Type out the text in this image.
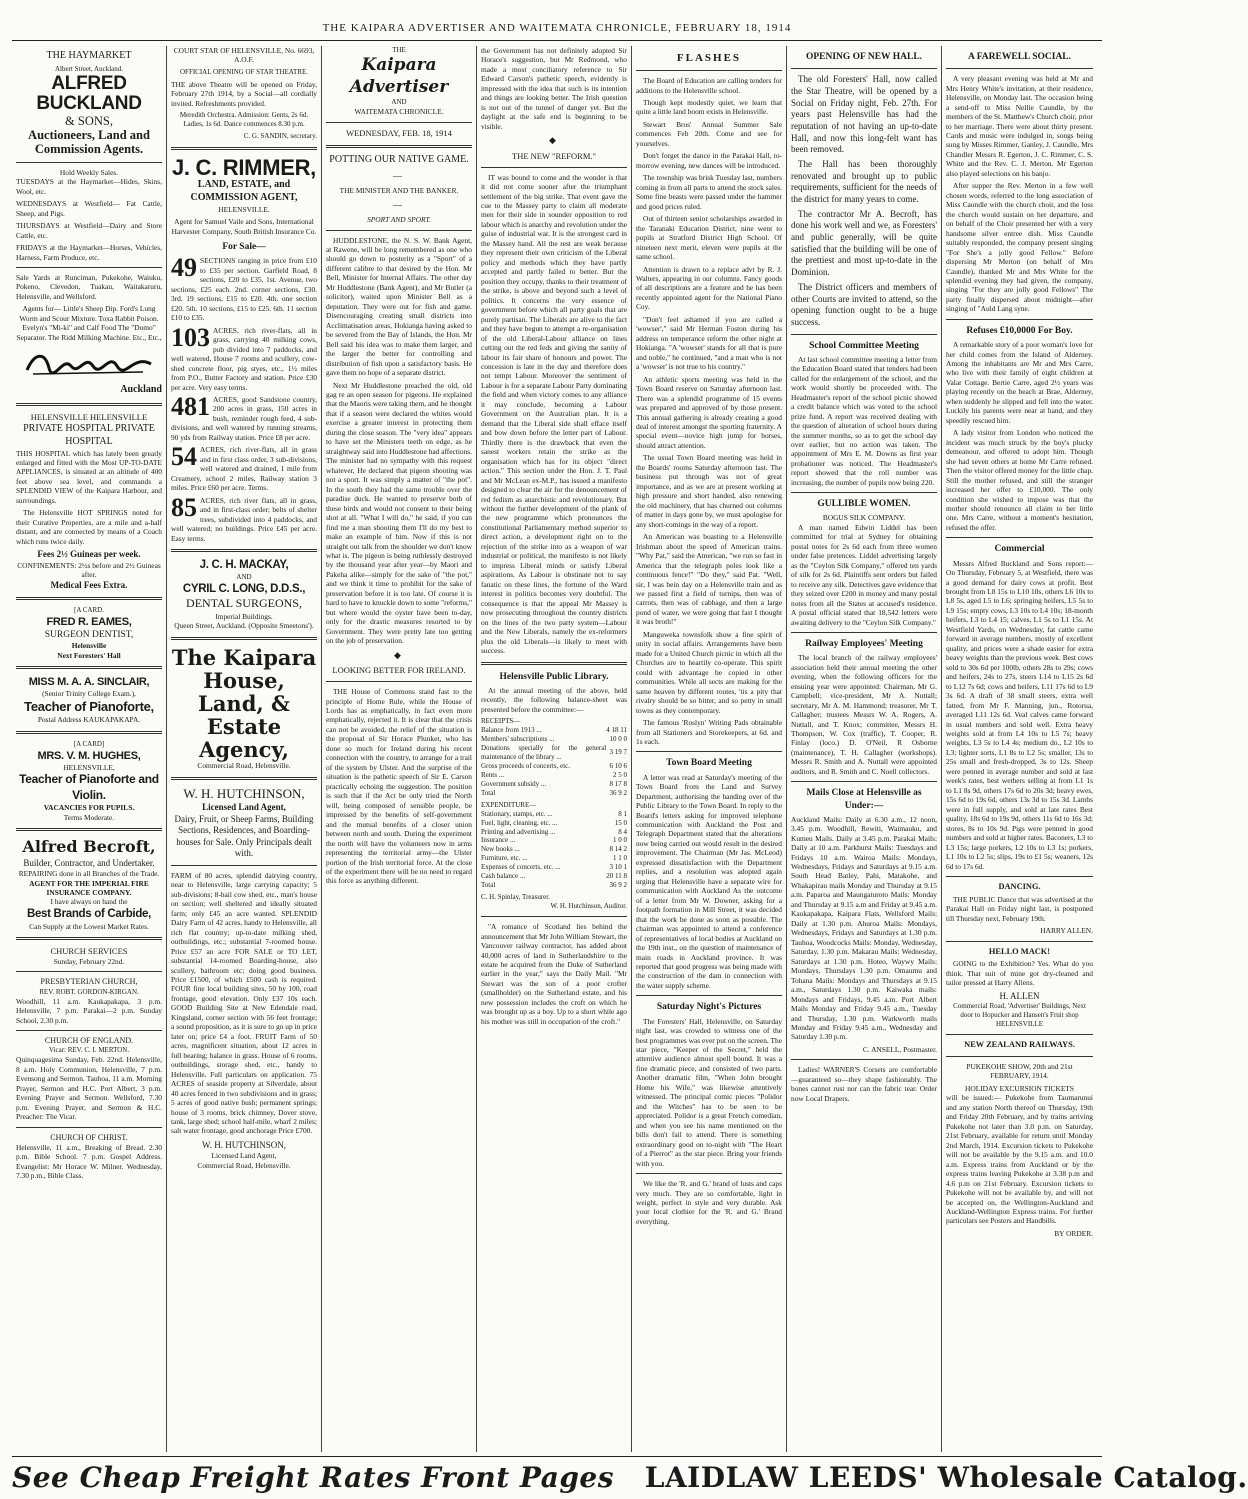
THE KAIPARA ADVERTISER AND WAITEMATA CHRONICLE, FEBRUARY 18, 1914
THE HAYMARKET
Albert Street, Auckland.
ALFRED BUCKLAND
& SONS,
Auctioneers, Land and Commission Agents.
Hold Weekly Sales.

TUESDAYS at the Haymarket—Hides, Skins, Wool, etc.

WEDNESDAYS at Westfield— Fat Cattle, Sheep, and Pigs.

THURSDAYS at Westfield—Dairy and Store Cattle, etc.

FRIDAYS at the Haymarket—Horses, Vehicles, Harness, Farm Produce, etc.

Sale Yards at Runciman, Pukekohe, Waiuku, Pokeno, Clevedon, Tuakau, Waitakaruru, Helensville, and Wellsford.

Agents for— Little's Sheep Dip. Ford's Lung Worm and Scour Mixture. Toxa Rabbit Poison. Evelyn's "Mi-ki" and Calf Food The "Domo" Separator. The Ridd Milking Machine. Etc., Etc.,

Auckland
HELENSVILLE HELENSVILLE
PRIVATE HOSPITAL PRIVATE HOSPITAL

THIS HOSPITAL which has lately been greatly enlarged and fitted with the Most UP-TO-DATE APPLIANCES, is situated at an altitude of 400 feet above sea level, and commands a SPLENDID VIEW of the Kaipara Harbour, and surroundings.

The Helensville HOT SPRINGS noted for their Curative Properties, are a mile and a-half distant, and are connected by means of a Coach which runs twice daily.

Fees 2½ Guineas per week.
CONFINEMENTS: 2½s before and 2½ Guineas after.
Medical Fees Extra.
[A CARD.
FRED R. EAMES,
SURGEON DENTIST,
Helensville
Next Foresters' Hall
MISS M. A. A. SINCLAIR,
(Senior Trinity College Exam.),
Teacher of Pianoforte,
Postal Address KAUKAPAKAPA.
[A CARD]
MRS. V. M. HUGHES,
HELENSVILLE,
Teacher of Pianoforte and Violin.
VACANCIES FOR PUPILS.
Terms Moderate.
Alfred Becroft,
Builder, Contractor, and Undertaker.
REPAIRING done in all Branches of the Trade.
AGENT FOR THE IMPERIAL FIRE INSURANCE COMPANY.
I have always on hand the
Best Brands of Carbide,
Can Supply at the Lowest Market Rates.
CHURCH SERVICES
Sunday, February 22nd.
PRESBYTERIAN CHURCH,
REV. ROBT. GORDON-KIRGAN.

Woodhill, 11 a.m. Kaukapakapa, 3 p.m. Helensville, 7 p.m. Parakai—2 p.m. Sunday School, 2.30 p.m.

CHURCH OF ENGLAND.
Vicar: REV. C. I. MERTON.

Quinquagesima Sunday, Feb. 22nd. Helensville, 8 a.m. Holy Communion, Helensville, 7 p.m. Evensong and Sermon. Tauhoa, 11 a.m. Morning Prayer, Sermon and H.C. Port Albert, 3 p.m. Evening Prayer and Sermon. Wellsford, 7.30 p.m. Evening Prayer, and Sermon & H.C. Preacher: The Vicar.

CHURCH OF CHRIST.

Helensville, 11 a.m., Breaking of Bread. 2.30 p.m. Bible School. 7 p.m. Gospel Address. Evangelist: Mr Horace W. Milner. Wednesday, 7.30 p.m., Bible Class.

COURT STAR OF HELENSVILLE, No. 6693, A.O.F.
OFFICIAL OPENING OF STAR THEATRE.

THE above Theatre will be opened on Friday, February 27th 1914, by a Social—all cordially invited. Refreshments provided.

Meredith Orchestra. Admission: Gents, 2s 6d. Ladies, 1s 6d. Dance commences 8.30 p.m.

C. G. SANDIN, secretary.
J. C. RIMMER,
LAND, ESTATE, and COMMISSION AGENT,
HELENSVILLE.

Agent for Samuel Vaile and Sons, International Harvester Company, South British Insurance Co.

For Sale—
49 SECTIONS ranging in price from £10 to £35 per section. Garfield Road, 8 sections, £20 to £35. 1st. Avenue, two sections, £25 each. 2nd. corner sections, £30. 3rd. 19 sections, £15 to £20. 4th. one section £20. 5th. 10 sections, £15 to £25. 6th. 11 section £10 to £35.
103 ACRES, rich river-flats, all in grass, carrying 40 milking cows, pub divided into 7 paddocks, and well watered, House 7 rooms and scullery, cow-shed concrete floor, pig styes, etc., 1½ miles from P.O., Butter Factory and station. Price £30 per acre. Very easy terms.
481 ACRES, good Sandstone country, 200 acres in grass, 150 acres in bush, reminder rough feed, 4 sub-divisions, and well watered by running streams, 90 yds from Railway station. Price £8 per acre.
54 ACRES, rich river-flats, all in grass and in first class order, 3 sub-divisions, well watered and drained, 1 mile from Creamery, school 2 miles, Railway station 3 miles. Price £60 per acre. Terms.
85 ACRES, rich river flats, all in grass, and in first-class order; belts of shelter trees, subdivided into 4 paddocks, and well watered; no buildings. Price £45 per acre. Easy terms.
J. C. H. MACKAY,
AND
CYRIL C. LONG, D.D.S.,
DENTAL SURGEONS,
Imperial Buildings.
Queen Street, Auckland. (Opposite Smeetons').
The Kaipara House, Land, & Estate Agency,
Commercial Road, Helensville.
W. H. HUTCHINSON,
Licensed Land Agent,
Dairy, Fruit, or Sheep Farms, Building Sections, Residences, and Boarding-houses for Sale. Only Principals dealt with.

FARM of 80 acres, splendid dairying country, near to Helensville, large carrying capacity; 5 sub-divisions; 8-bail cow shed, etc., man's house on section; well sheltered and ideally situated farm; only £45 an acre wanted. SPLENDID Dairy Farm of 42 acres, handy to Helensville, all rich flat country; up-to-date milking shed, outbuildings, etc.; substantial 7-roomed house. Price £57 an acre FOR SALE or TO LET, substantial 14-roomed Boarding-house, also scullery, bathroom etc; doing good business. Price £1500, of which £500 cash is required. FOUR fine local building sites, 50 by 100, road frontage, good elevation. Only £37 10s each. GOOD Building Site at New Edendale road, Kingsland, corner section with 56 feet frontage; a sound proposition, as it is sure to go up in price later on; price £4 a foot. FRUIT Farm of 50 acres, magnificent situation, about 12 acres in full bearing; balance in grass. House of 6 rooms, outbuildings, storage shed, etc., handy to Helensville. Full particulars on application. 75 ACRES of seaside property at Silverdale, about 40 acres fenced in two subdivisions and in grass; 5 acres of good native bush; permanent springs; house of 3 rooms, brick chimney, Dover stove, tank, large shed; school half-mile, wharf 2 miles; salt water frontage, good anchorage Price £700.

W. H. HUTCHINSON,
Licensed Land Agent,
Commercial Road, Helensville.
THE
Kaipara Advertiser
AND
WAITEMATA CHRONICLE.
WEDNESDAY, FEB. 18, 1914
POTTING OUR NATIVE GAME.
—
THE MINISTER AND THE BANKER.
—
SPORT AND SPORT.

HUDDLESTONE, the N. S. W. Bank Agent, at Rawene, will be long remembered as one who should go down to posterity as a "Sport" of a different calibre to that desired by the Hon. Mr Bell, Minister for Internal Affairs. The other day Mr Huddlestone (Bank Agent), and Mr Butler (a solicitor), waited upon Minister Bell as a deputation. They were out for fish and game. Disencouraging creating small districts into Acclimatisation areas, Hokianga having asked to be severed from the Bay of Islands, the Hon. Mr Bell said his idea was to make them larger, and the larger the better for controlling and distribution of fish upon a satisfactory basis. He gave them no hope of a separate district.

Next Mr Huddlestone preached the old, old gag re an open season for pigeons. He explained that the Maoris were taking them, and he thought that if a season were declared the whites would exercise a greater interest in protecting them during the close season. The "very idea" appears to have set the Ministers teeth on edge, as he straightway said into Huddlestone bad affections. The minister had no sympathy with this request whatever, He declared that pigeon shooting was not a sport. It was simply a matter of "the pot". In the south they had the same trouble over the paradise duck. He wanted to preserve both of these birds and would not consent to their being shot at all. "What I will do," he said, if you can find me a man shooting them I'll do my best to make an example of him. Now if this is not straight out talk from the shoulder we don't know what is. The pigeon is being ruthlessly destroyed by the thousand year after year—by Maori and Pakeha alike—simply for the sake of "the pot," and we think it time to prohibit for the sake of preservation before it is too late. Of course it is hard to have to knuckle down to some "reforms," but where would the oyster have been to-day, only for the drastic measures resorted to by Government. They were pretty late too getting on the job of preservation.

◆
LOOKING BETTER FOR IRELAND.

THE House of Commons stand fast to the principle of Home Rule, while the House of Lords has as emphatically, in fact even more emphatically, rejected it. It is clear that the crisis can not be avoided, the relief of the situation is the proposal of Sir Horace Plunket, who has done so much for Ireland during his recent connection with the country, to arrange for a trail of the system by Ulster. And the surprise of the situation is the pathetic speech of Sir E. Carson practically echoing the suggestion. The position is such that if the Act be only tried the North will, being composed of sensible people, be impressed by the benefits of self-government and the mutual benefits of a closer union between north and south. During the experiment the north will have the volunteers now in arms representing the territorial army—the Ulster portion of the Irish territorial force. At the close of the experiment there will be no need to regard this force as anything different.

the Government has not definitely adopted Sir Horace's suggestion, but Mr Redmond, who made a most conciliatory reference to Sir Edward Carson's pathetic speech, evidently is impressed with the idea that such is its intention and things are looking better. The Irish question is not out of the tunnel of danger yet. But the daylight at the safe end is beginning to be visible.

◆
THE NEW "REFORM."

IT was bound to come and the wonder is that it did not come sooner after the triumphant settlement of the big strike. That event gave the cue to the Massey party to claim all moderate men for their side in sounder opposition to red labour which is anarchy and revolution under the guise of industrial war. It is the strongest card in the Massey hand. All the rest are weak because they represent their own criticism of the Liberal policy and methods which they have partly accepted and partly failed to better. But the position they occupy, thanks to their treatment of the strike, is above and beyond such a level of politics. It concerns the very essence of government before which all party goals that are purely partisan. The Liberals are alive to the fact and they have begun to attempt a re-organisation of the old Liberal-Labour alliance on lines cutting out the red feds and giving the sanity of labour its fair share of honours and power. The concession is late in the day and therefore does not tempt Labour. Moreover the sentiment of Labour is for a separate Labour Party dominating the field and when victory comes to any alliance it may conclude, becoming a Labour Government on the Australian plan. It is a demand that the Liberal side shall efface itself and bow down before the letter part of Labour. Thirdly there is the drawback that even the sanest workers retain the strike as the organisation which has for its object "direct action." This section under the Hon. J. T. Paul and Mr McLean ex-M.P., has issued a manifesto designed to clear the air for the denouncement of red fedism as anarchistic and revolutionary. But without the further development of the plank of the new programme which pronounces the constitutional Parliamentary method superior to direct action, a development right on to the rejection of the strike into as a weapon of war industrial or political, the manifesto is not likely to impress Liberal minds or satisfy Liberal aspirations. As Labour is obstinate not to say fanatic on these lines, the fortune of the Ward interest in politics becomes very doubtful. The consequence is that the appeal Mr Massey is now prosecuting throughout the country districts on the lines of the two party system—Labour and the New Liberals, namely the ex-reformers plus the old Liberals—is likely to meet with success.

Helensville Public Library.

At the annual meeting of the above, held recently, the following balance-sheet was presented before the committee:—

RECEIPTS—
Balance from 1913 ...	4 18 11
Members' subscriptions ...	10 0 0
Donations specially for the general maintenance of the library ...	3 19 7
Gross proceeds of concerts, etc.	6 10 6
Rents ...	2 5 0
Government subsidy ...	8 17 8
Total	36 9 2
EXPENDITURE—
Stationary, stamps, etc. ...	8 1
Fuel, light, cleaning, etc. ...	15 0
Printing and advertising ...	8 4
Insurance ...	1 0 0
New books ...	8 14 2
Furniture, etc. ...	1 1 0
Expenses of concerts, etc. ...	3 10 1
Cash balance ...	20 11 8
Total	36 9 2
C. H. Spinlay, Treasurer.
W. H. Hutchinson, Auditor.

"A romance of Scotland lies behind the announcement that Mr John William Stewart, the Vancouver railway contractor, has added about 40,000 acres of land in Sutherlandshire to the estate he acquired from the Duke of Sutherland earlier in the year," says the Daily Mail. "Mr Stewart was the son of a poor crofter (smallholder) on the Sutherland estate, and his new possession includes the croft on which he was brought up as a boy. Up to a short while ago his mother was still in occupation of the croft."

FLASHES

The Board of Education are calling tenders for additions to the Helensville school.

Though kept modestly quiet, we learn that quite a little land boom exists in Helensville.

Stewart Bros' Annual Summer Sale commences Feb 20th. Come and see for yourselves.

Don't forget the dance in the Parakai Hall, to-morrow evening, new dances will be introduced.

The township was brisk Tuesday last, numbers coming in from all parts to attend the stock sales. Some fine beasts were passed under the hammer and good prices ruled.

Out of thirteen senior scholarships awarded in the Taranaki Education District, nine went to pupils at Stratford District High School. Of nineteen next merit, eleven were pupils at the same school.

Attention is drawn to a replace advt by R. J. Walters, appearing in our columns. Fancy goods of all descriptions are a feature and he has been recently appointed agent for the National Piano Coy.

"Don't feel ashamed if you are called a 'wowser'," said Mr Herman Foston during his address on temperance reform the other night at Hokianga. "A 'wowser' stands for all that is pure and noble," he continued, "and a man who is not a 'wowser' is not true to his country."

An athletic sports meeting was held in the Town Board reserve on Saturday afternoon last. There was a splendid programme of 15 events was prepared and approved of by those present. This annual gathering is already creating a good deal of interest amongst the sporting fraternity. A special event—novice high jump for horses, should attract attention.

The usual Town Board meeting was held in the Boards' rooms Saturday afternoon last. The business put through was not of great importance, and as we are at present working at high pressure and short handed, also renewing the old machinery, that has churned out columns of matter in days gone by, we must apologise for any short-comings in the way of a report.

An American was boasting to a Helensville Irishman about the speed of American trains. "Why Pat," said the American, "we run so fast in America that the telegraph poles look like a continuous fence!" "Do they," said Pat. "Well, sir, I was bein day on a Helensville train and as we passed first a field of turnips, then was of carrots, then was of cabbage, and then a large pond of water, we were going that fast I thought it was broth!"

Manguweka townsfolk show a fine spirit of unity in social affairs. Arrangements have been made for a United Church picnic in which all the Churches are to heartily co-operate. This spirit could with advantage be copied in other communities. While all sects are making for the same heaven by different routes, 'tis a pity that rivalry should be so bitter, and so petty in small towns as they contemporary.

The famous 'Roslyn' Writing Pads obtainable from all Stationers and Storekeepers, at 6d. and 1s each.

Town Board Meeting

A letter was read at Saturday's meeting of the Town Board from the Land and Survey Department, authorising the handing over of the Public Library to the Town Board. In reply to the Board's letters asking for improved telephone communication with Auckland the Post and Telegraph Department stated that the alterations now being carried out would result in the desired improvement. The Chairman (Mr Jas. McLeod) expressed dissatisfaction with the Department replies, and a resolution was adopted again urging that Helensville have a separate wire for communication with Auckland As the outcome of a letter from Mr W. Downer, asking for a footpath formation in Mill Street, it was decided that the work be done as soon as possible. The chairman was appointed to attend a conference of representatives of local bodies at Auckland on the 19th inst., on the question of maintenance of main roads in Auckland province. It was reported that good progress was being made with the construction of the dam in connection with the water supply scheme.

Saturday Night's Pictures

The Foresters' Hall, Helensville, on Saturday night last, was crowded to witness one of the best programmes was ever put on the screen. The star piece, "Keeper of the Secret," held the attentive audience almost spell bound. It was a fine dramatic piece, and consisted of two parts. Another dramatic film, "When John brought Home his Wife," was likewise attentively witnessed. The principal comic pieces "Polidor and the Witches" has to be seen to be appreciated. Polidor is a great French comedian, and when you see his name mentioned on the bills don't fail to attend. There is something extraordinary good on to-night with "The Heart of a Pierrot" as the star piece. Bring your friends with you.

We like the 'R. and G.' brand of lusts and caps very much. They are so comfortable, light in weight, perfect in style and very durable. Ask your local clothier for the 'R. and G.' Brand everything.

OPENING OF NEW HALL.

The old Foresters' Hall, now called the Star Theatre, will be opened by a Social on Friday night, Feb. 27th. For years past Helensville has had the reputation of not having an up-to-date Hall, and now this long-felt want has been removed.

The Hall has been thoroughly renovated and brought up to public requirements, sufficient for the needs of the district for many years to come.

The contractor Mr A. Becroft, has done his work well and we, as Foresters' and public generally, will be quite satisfied that the building will be one of the prettiest and most up-to-date in the Dominion.

The District officers and members of other Courts are invited to attend, so the opening function ought to be a huge success.

School Committee Meeting

At last school committee meeting a letter from the Education Board stated that tenders had been called for the enlargement of the school, and the work would shortly be proceeded with. The Headmaster's report of the school picnic showed a credit balance which was voted to the school prize fund. A report was received dealing with the question of alteration of school hours during the summer months, so as to get the school day over earlier, but no action was taken. The appointment of Mrs E. M. Downs as first year probationer was noticed. The Headmaster's report showed that the roll number was increasing, the number of pupils now being 220.

GULLIBLE WOMEN.
BOGUS SILK COMPANY.

A man named Edwin Liddel has been committed for trial at Sydney for obtaining postal notes for 2s 6d each from three women under false pretences. Liddel advertising largely as the "Ceylon Silk Company," offered ten yards of silk for 2s 6d. Plaintiffs sent orders but failed to receive any silk. Detectives gave evidence that they seized over £200 in money and many postal notes from all the States at accused's residence. A postal official stated that 18,542 letters were awaiting delivery to the "Ceylon Silk Company."

Railway Employees' Meeting

The local branch of the railway employees' association held their annual meeting the other evening, when the following officers for the ensuing year were appointed: Chairman, Mr G. Campbell; vice-president, Mr A. Nuttall; secretary, Mr A. M. Hammond; treasurer, Mr T. Callagher; trustees Messrs W. A. Rogers, A. Nuttall, and T. Knox; committee, Messrs H. Thompson, W. Cox (traffic), T. Cooper, R. Finlay (loco.) D. O'Neil, R Osborne (maintenance), T. H. Callagher (workshops). Messrs R. Smith and A. Nuttall were appointed auditors, and R. Smith and C. Noell collectors.

Mails Close at Helensville as Under:—

Auckland Mails: Daily at 6.30 a.m., 12 noon, 3.45 p.m. Woodhill, Rewiti, Waimauku, and Kumeu Mails. Daily at 3.45 p.m. Parakai Mails: Daily at 10 a.m. Parkhurst Mails: Tuesdays and Fridays 10 a.m. Wairoa Mails: Mondays, Wednesdays, Fridays and Saturdays at 9.15 a.m. South Head Batley, Pahi, Matakohe, and Whakapirau mails Monday and Thursday at 9.15 a.m. Paparoa and Maungaturoto Mails: Monday and Thursday at 9.15 a.m and Friday at 9.45 a.m. Kaukapakapa, Kaipara Flats, Wellsford Mails: Daily at 1.30 p.m. Ahuroa Mails: Mondays, Wednesdays, Fridays and Saturdays at 1.30 p.m. Tauhoa, Woodcocks Mails: Monday, Wednesday, Saturday, 1.30 p.m. Makarau Mails: Wednesday, Saturdays at 1.30 p.m. Hoteo, Waywy Mails: Mondays, Thursdays 1.30 p.m. Omaumu and Tohana Mails: Mondays and Thursdays at 9.15 a.m., Saturdays 1.30 p.m. Kaiwaka mails: Mondays and Fridays, 9.45 a.m. Port Albert Mails Monday and Friday 9.45 a.m., Tuesday and Thursday, 1.30 p.m. Warkworth mails Monday and Friday 9.45 a.m., Wednesday and Saturday 1.30 p.m.

C. ANSELL, Postmaster.

Ladies! WARNER'S Corsets are comfortable—guaranteed so—they shape fashionably. The bones cannot rust nor can the fabric tear. Order now Local Drapers.

A FAREWELL SOCIAL.

A very pleasant evening was held at Mr and Mrs Henry White's invitation, at their residence, Helensville, on Monday last. The occasion being a send-off to Miss Nellie Caundle, by the members of the St. Matthew's Church choir, prior to her marriage. There were about thirty present. Cards and music were indulged in, songs being sung by Misses Rimmer, Ganley, J. Caundle, Mrs Chandler Messrs R. Egerton, J. C. Rimmer, C. S. White and the Rev. C. J. Merton. Mr Egerton also played selections on his banjo.

After supper the Rev. Merton in a few well chosen words, referred to the long association of Miss Caundle with the church choir, and the loss the church would sustain on her departure, and on behalf of the Choir presented her with a very handsome silver entree dish. Miss Caundle suitably responded, the company present singing "For She's a jolly good Fellow." Before dispersing Mr Merton (on behalf of Mrs Caundle), thanked Mr and Mrs White for the splendid evening they had given, the company, singing "For they are jolly good Fellows" The party finally dispersed about midnight—after singing of "Auld Lang syne.

Refuses £10,0000 For Boy.

A remarkable story of a poor woman's love for her child comes from the Island of Alderney. Among the inhabitants are Mr and Mrs Carre, who live with their family of eight children at Valar Cottage. Bertie Carre, aged 2½ years was playing recently on the beach at Brae, Alderney, when suddenly he slipped and fell into the water. Luckily his parents were near at hand, and they speedily rescued him.

A lady visitor from London who noticed the incident was much struck by the boy's plucky demeanour, and offered to adopt him. Though she had seven others at home Mr Carre refused. Then the visitor offered money for the little chap. Still the mother refused, and still the stranger increased her offer to £10,000. The only condition she wished to impose was that the mother should renounce all claim to her little one. Mrs Carre, without a moment's hesitation, refused the offer.

Commercial

Messrs Alfred Buckland and Sons report:— On Thursday, February 5, at Westfield, there was a good demand for dairy cows at profit. Best brought from L8 15s to L10 10s, others L6 10s to L8 5s, aged L5 to L6; springing heifers, L5 5s to L9 15s; empty cows, L3 10s to L4 10s; 18-month heifers, L3 to L4 15; calves, L1 5s to L1 15s. At Westfield Yards, on Wednesday, fat cattle came forward in average numbers, mostly of excellent quality, and prices were a shade easier for extra heavy weights than the previous week. Best cows sold to 30s 6d per 100lb, others 28s to 29s; cows and heifers, 24s to 27s, steers L14 to L15 2s 6d to L12 7s 6d; cows and heifers, L11 17s 6d to L9 3s 6d. A draft of 38 small steers, extra well fatted, from Mr F. Manning, jun., Rotorua, averaged L11 12s 6d. Veal calves came forward in usual numbers and sold well. Extra heavy weights sold at from L4 10s to L5 7s; heavy weights, L3 5s to L4 4s; medium do., L2 10s to L3; lighter sorts, L1 8s to L2 5s; smaller, 13s to 25s small and fresh-dropped, 3s to 12s. Sheep were penned in average number and sold at last week's rates, best wethers selling at from L1 1s to L1 8s 9d, others 17s 6d to 20s 3d; heavy ewes, 15s 6d to 19s 6d, others 13s 3d to 15s 3d. Lambs were in full supply, and sold at late rates Best quality, 18s 6d to 19s 9d, others 11s 6d to 16s 3d; stores, 8s to 10s 9d. Pigs were penned in good numbers and sold at higher rates. Baconers, L3 to L3 15s; large porkers, L2 10s to L3 1s; porkers, L1 10s to L2 5s; slips, 19s to £1 5s; weaners, 12s 6d to 17s 6d.

DANCING.

THE PUBLIC Dance that was advertised at the Parakai Hall on Friday night last, is postponed till Thursday next, February 19th.

HARRY ALLEN.
HELLO MACK!

GOING to the Exhibition? Yes. What do you think. That suit of mine got dry-cleaned and tailor pressed at Harry Allens.

H. ALLEN
Commercial Road, 'Advertiser' Buildings, Next door to Hopucker and Hansen's Fruit shop HELENSVILLE
NEW ZEALAND RAILWAYS.
PUKEKOHE SHOW, 20th and 21st FEBRUARY, 1914.
HOLIDAY EXCURSION TICKETS

will be issued:— Pukekohe from Taumarunui and any station North thereof on Thursday, 19th and Friday 20th February, and by trains arriving Pukekohe not later than 3.0 p.m. on Saturday, 21st February, available for return until Monday 2nd March, 1914. Excursion tickets to Pukekohe will not be available by the 9.15 a.m. and 10.0 a.m. Express trains from Auckland or by the express trains leaving Pukekohe at 3.38 p.m and 4.6 p.m on 21st February. Excursion tickets to Pukekohe will not be available by, and will not be accepted on, the Wellington-Auckland and Auckland-Wellington Express trains. For further particulars see Posters and Handbills.

BY ORDER.
See Cheap Freight Rates Front Pages LAIDLAW LEEDS' Wholesale Catalog.
